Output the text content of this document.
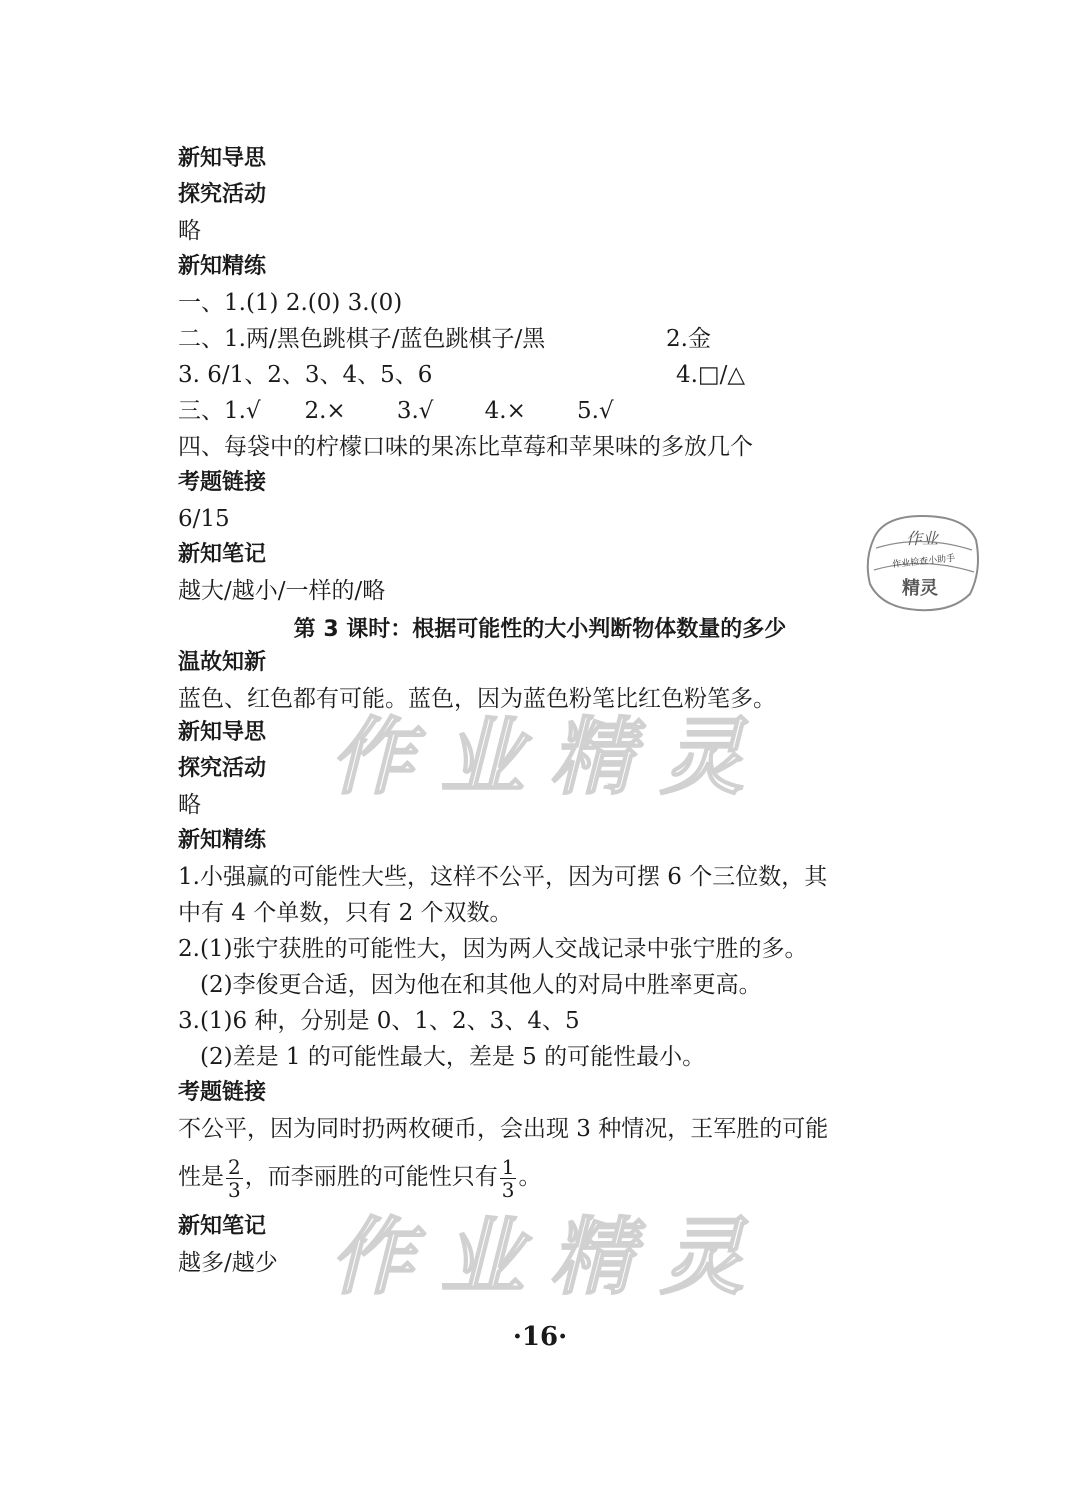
新知导思
探究活动
略
新知精练
一、1.(1) 2.(0) 3.(0)
二、1.两/黑色跳棋子/蓝色跳棋子/黑	2.金
3. 6/1、2、3、4、5、6	4.□/△
三、1.√      2.×       3.√       4.×       5.√
四、每袋中的柠檬口味的果冻比草莓和苹果味的多放几个
考题链接
6/15
新知笔记
越大/越小/一样的/略
作业
作业检查小助手
精灵
第 3 课时：根据可能性的大小判断物体数量的多少
温故知新
蓝色、红色都有可能。蓝色，因为蓝色粉笔比红色粉笔多。
新知导思
探究活动
略
新知精练
1.小强赢的可能性大些，这样不公平，因为可摆 6 个三位数，其
中有 4 个单数，只有 2 个双数。
2.(1)张宁获胜的可能性大，因为两人交战记录中张宁胜的多。
(2)李俊更合适，因为他在和其他人的对局中胜率更高。
3.(1)6 种，分别是 0、1、2、3、4、5
(2)差是 1 的可能性最大，差是 5 的可能性最小。
考题链接
不公平，因为同时扔两枚硬币，会出现 3 种情况，王军胜的可能
性是 $\frac{2}{3}$ ，而李丽胜的可能性只有 $\frac{1}{3}$ 。
新知笔记
越多/越少
作业精灵
作业精灵
·16·
